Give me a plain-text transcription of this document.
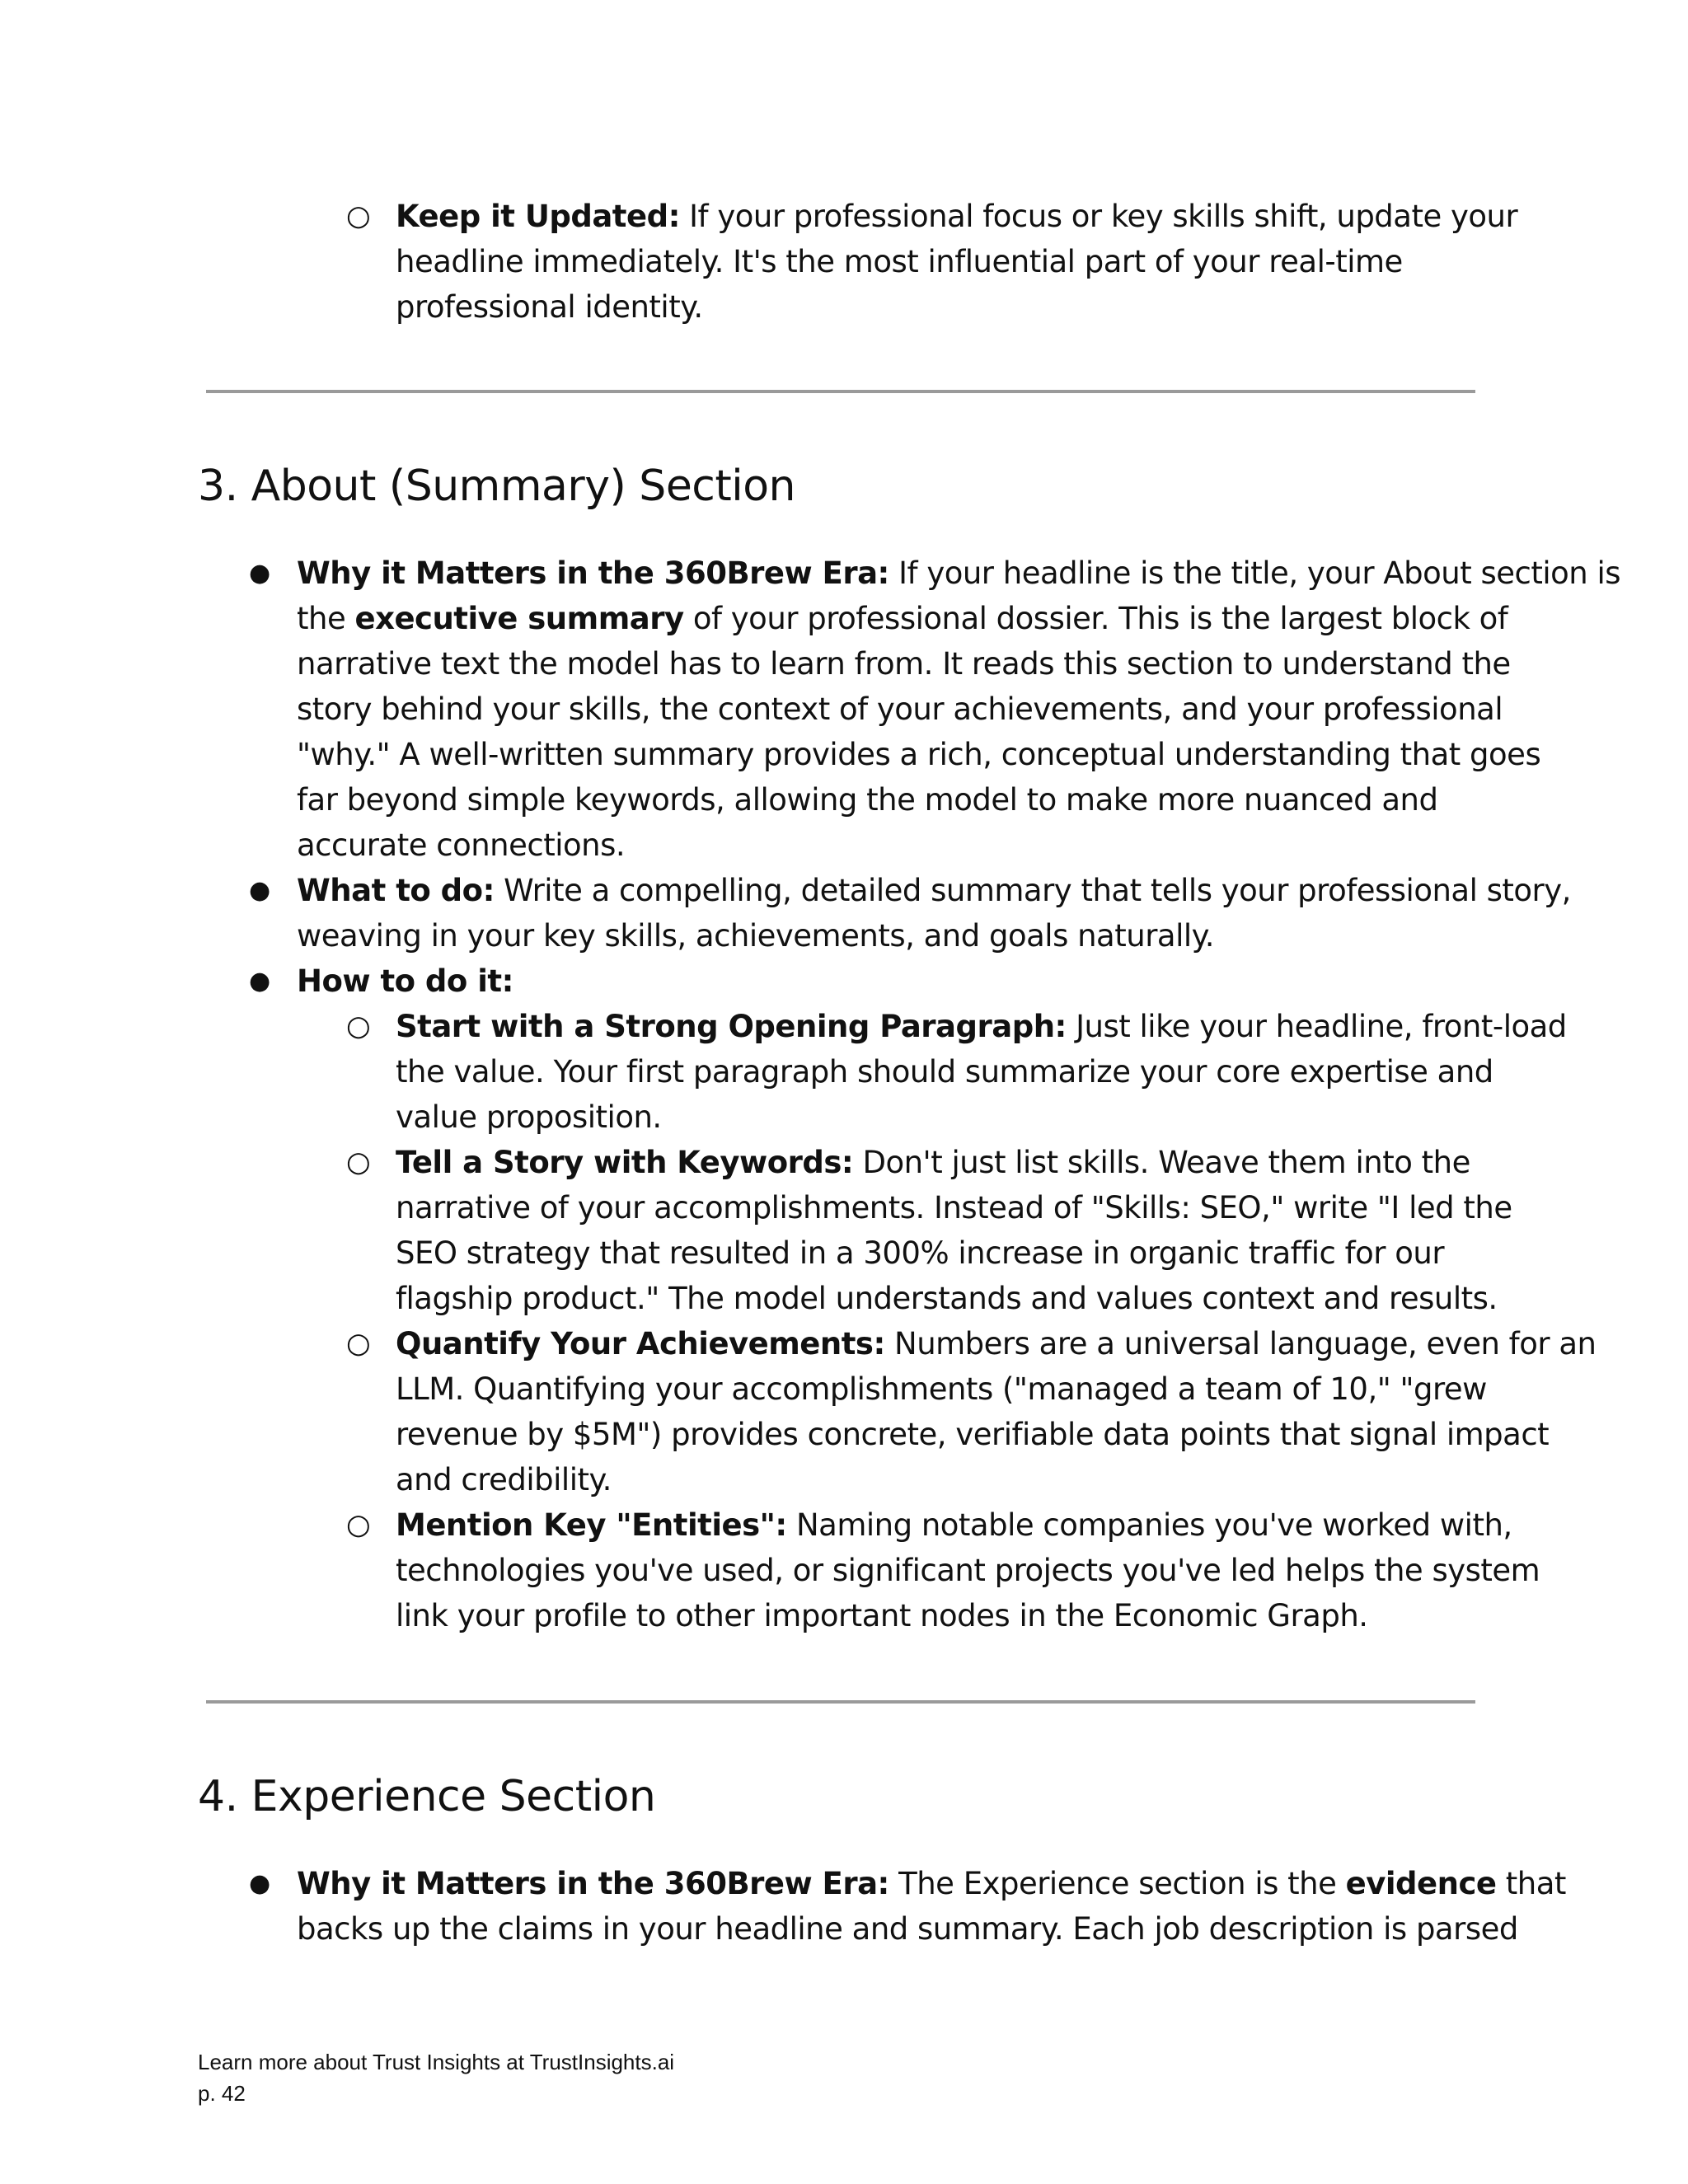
○ Keep it Updated: If your professional focus or key skills shift, update your
headline immediately. It's the most influential part of your real-time
professional identity.
3. About (Summary) Section
● Why it Matters in the 360Brew Era: If your headline is the title, your About section is
the executive summary of your professional dossier. This is the largest block of
narrative text the model has to learn from. It reads this section to understand the
story behind your skills, the context of your achievements, and your professional
"why." A well-written summary provides a rich, conceptual understanding that goes
far beyond simple keywords, allowing the model to make more nuanced and
accurate connections.
● What to do: Write a compelling, detailed summary that tells your professional story,
weaving in your key skills, achievements, and goals naturally.
● How to do it:
○ Start with a Strong Opening Paragraph: Just like your headline, front-load
the value. Your first paragraph should summarize your core expertise and
value proposition.
○ Tell a Story with Keywords: Don't just list skills. Weave them into the
narrative of your accomplishments. Instead of "Skills: SEO," write "I led the
SEO strategy that resulted in a 300% increase in organic traffic for our
flagship product." The model understands and values context and results.
○ Quantify Your Achievements: Numbers are a universal language, even for an
LLM. Quantifying your accomplishments ("managed a team of 10," "grew
revenue by $5M") provides concrete, verifiable data points that signal impact
and credibility.
○ Mention Key "Entities": Naming notable companies you've worked with,
technologies you've used, or significant projects you've led helps the system
link your profile to other important nodes in the Economic Graph.
4. Experience Section
● Why it Matters in the 360Brew Era: The Experience section is the evidence that
backs up the claims in your headline and summary. Each job description is parsed
Learn more about Trust Insights at TrustInsights.ai
p. 42
